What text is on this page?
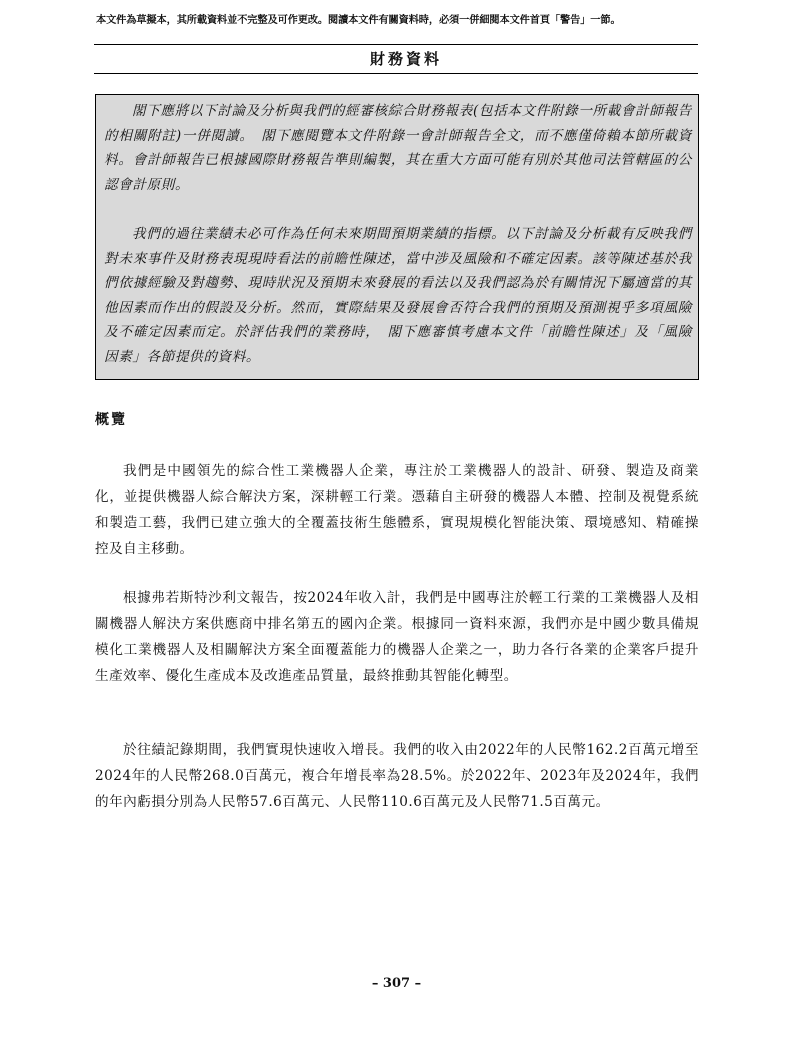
本文件為草擬本，其所載資料並不完整及可作更改。閱讀本文件有關資料時，必須一併細閱本文件首頁「警告」一節。
財務資料

閣下應將以下討論及分析與我們的經審核綜合財務報表(包括本文件附錄一所載會計師報告的相關附註)一併閱讀。　閣下應閱覽本文件附錄一會計師報告全文，而不應僅倚賴本節所載資料。會計師報告已根據國際財務報告準則編製，其在重大方面可能有別於其他司法管轄區的公認會計原則。

我們的過往業績未必可作為任何未來期間預期業績的指標。以下討論及分析載有反映我們對未來事件及財務表現現時看法的前瞻性陳述，當中涉及風險和不確定因素。該等陳述基於我們依據經驗及對趨勢、現時狀況及預期未來發展的看法以及我們認為於有關情況下屬適當的其他因素而作出的假設及分析。然而，實際結果及發展會否符合我們的預期及預測視乎多項風險及不確定因素而定。於評估我們的業務時，　閣下應審慎考慮本文件「前瞻性陳述」及「風險因素」各節提供的資料。

概覽

我們是中國領先的綜合性工業機器人企業，專注於工業機器人的設計、研發、製造及商業化，並提供機器人綜合解決方案，深耕輕工行業。憑藉自主研發的機器人本體、控制及視覺系統和製造工藝，我們已建立強大的全覆蓋技術生態體系，實現規模化智能決策、環境感知、精確操控及自主移動。

根據弗若斯特沙利文報告，按2024年收入計，我們是中國專注於輕工行業的工業機器人及相關機器人解決方案供應商中排名第五的國內企業。根據同一資料來源，我們亦是中國少數具備規模化工業機器人及相關解決方案全面覆蓋能力的機器人企業之一，助力各行各業的企業客戶提升生產效率、優化生產成本及改進產品質量，最終推動其智能化轉型。

於往績記錄期間，我們實現快速收入增長。我們的收入由2022年的人民幣162.2百萬元增至2024年的人民幣268.0百萬元，複合年增長率為28.5%。於2022年、2023年及2024年，我們的年內虧損分別為人民幣57.6百萬元、人民幣110.6百萬元及人民幣71.5百萬元。

– 307 –
